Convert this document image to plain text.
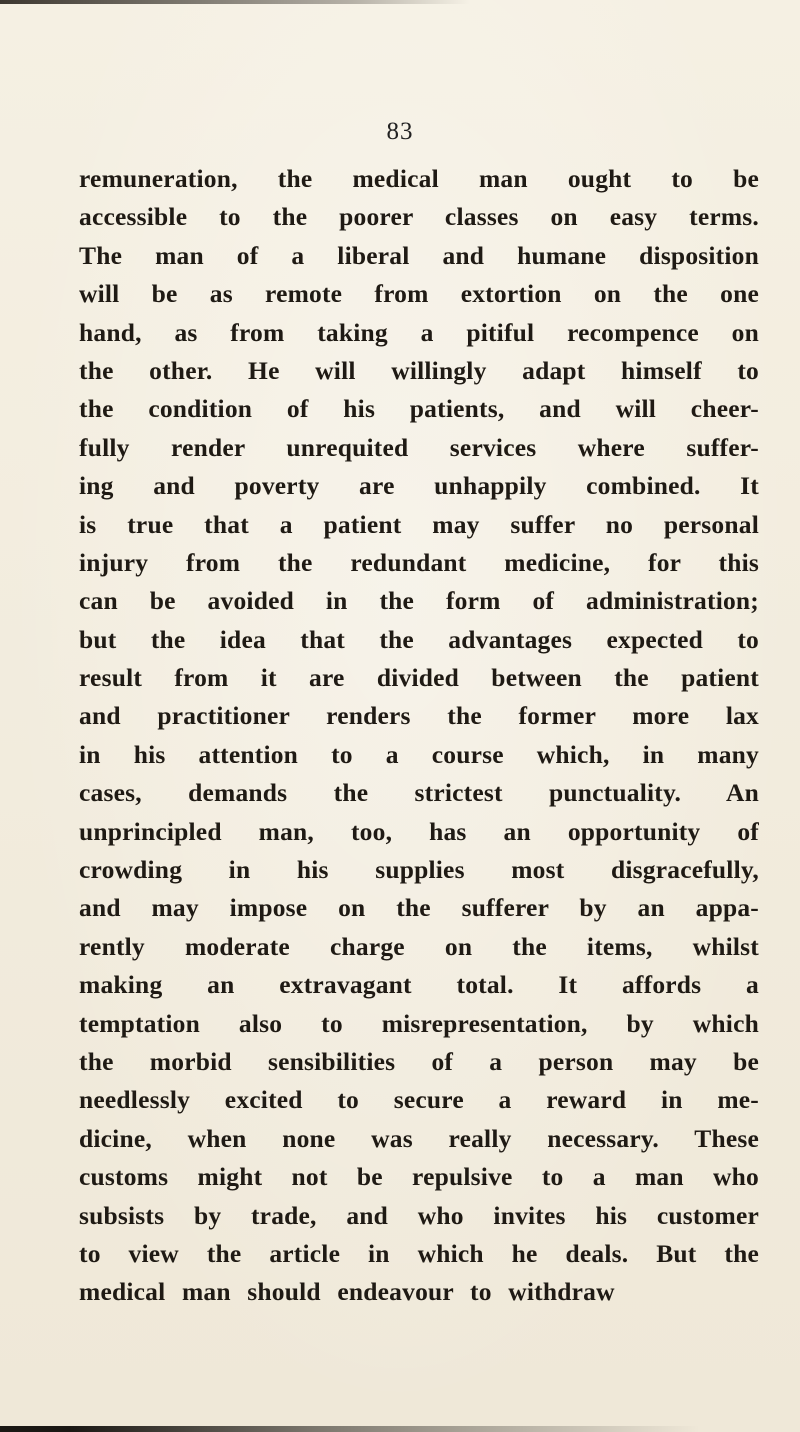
83
remuneration, the medical man ought to be
accessible to the poorer classes on easy terms.
The man of a liberal and humane disposition
will be as remote from extortion on the one
hand, as from taking a pitiful recompence on
the other. He will willingly adapt himself to
the condition of his patients, and will cheer-
fully render unrequited services where suffer-
ing and poverty are unhappily combined. It
is true that a patient may suffer no personal
injury from the redundant medicine, for this
can be avoided in the form of administration;
but the idea that the advantages expected to
result from it are divided between the patient
and practitioner renders the former more lax
in his attention to a course which, in many
cases, demands the strictest punctuality. An
unprincipled man, too, has an opportunity of
crowding in his supplies most disgracefully,
and may impose on the sufferer by an appa-
rently moderate charge on the items, whilst
making an extravagant total. It affords a
temptation also to misrepresentation, by which
the morbid sensibilities of a person may be
needlessly excited to secure a reward in me-
dicine, when none was really necessary. These
customs might not be repulsive to a man who
subsists by trade, and who invites his customer
to view the article in which he deals. But the
medical man should endeavour to withdraw
